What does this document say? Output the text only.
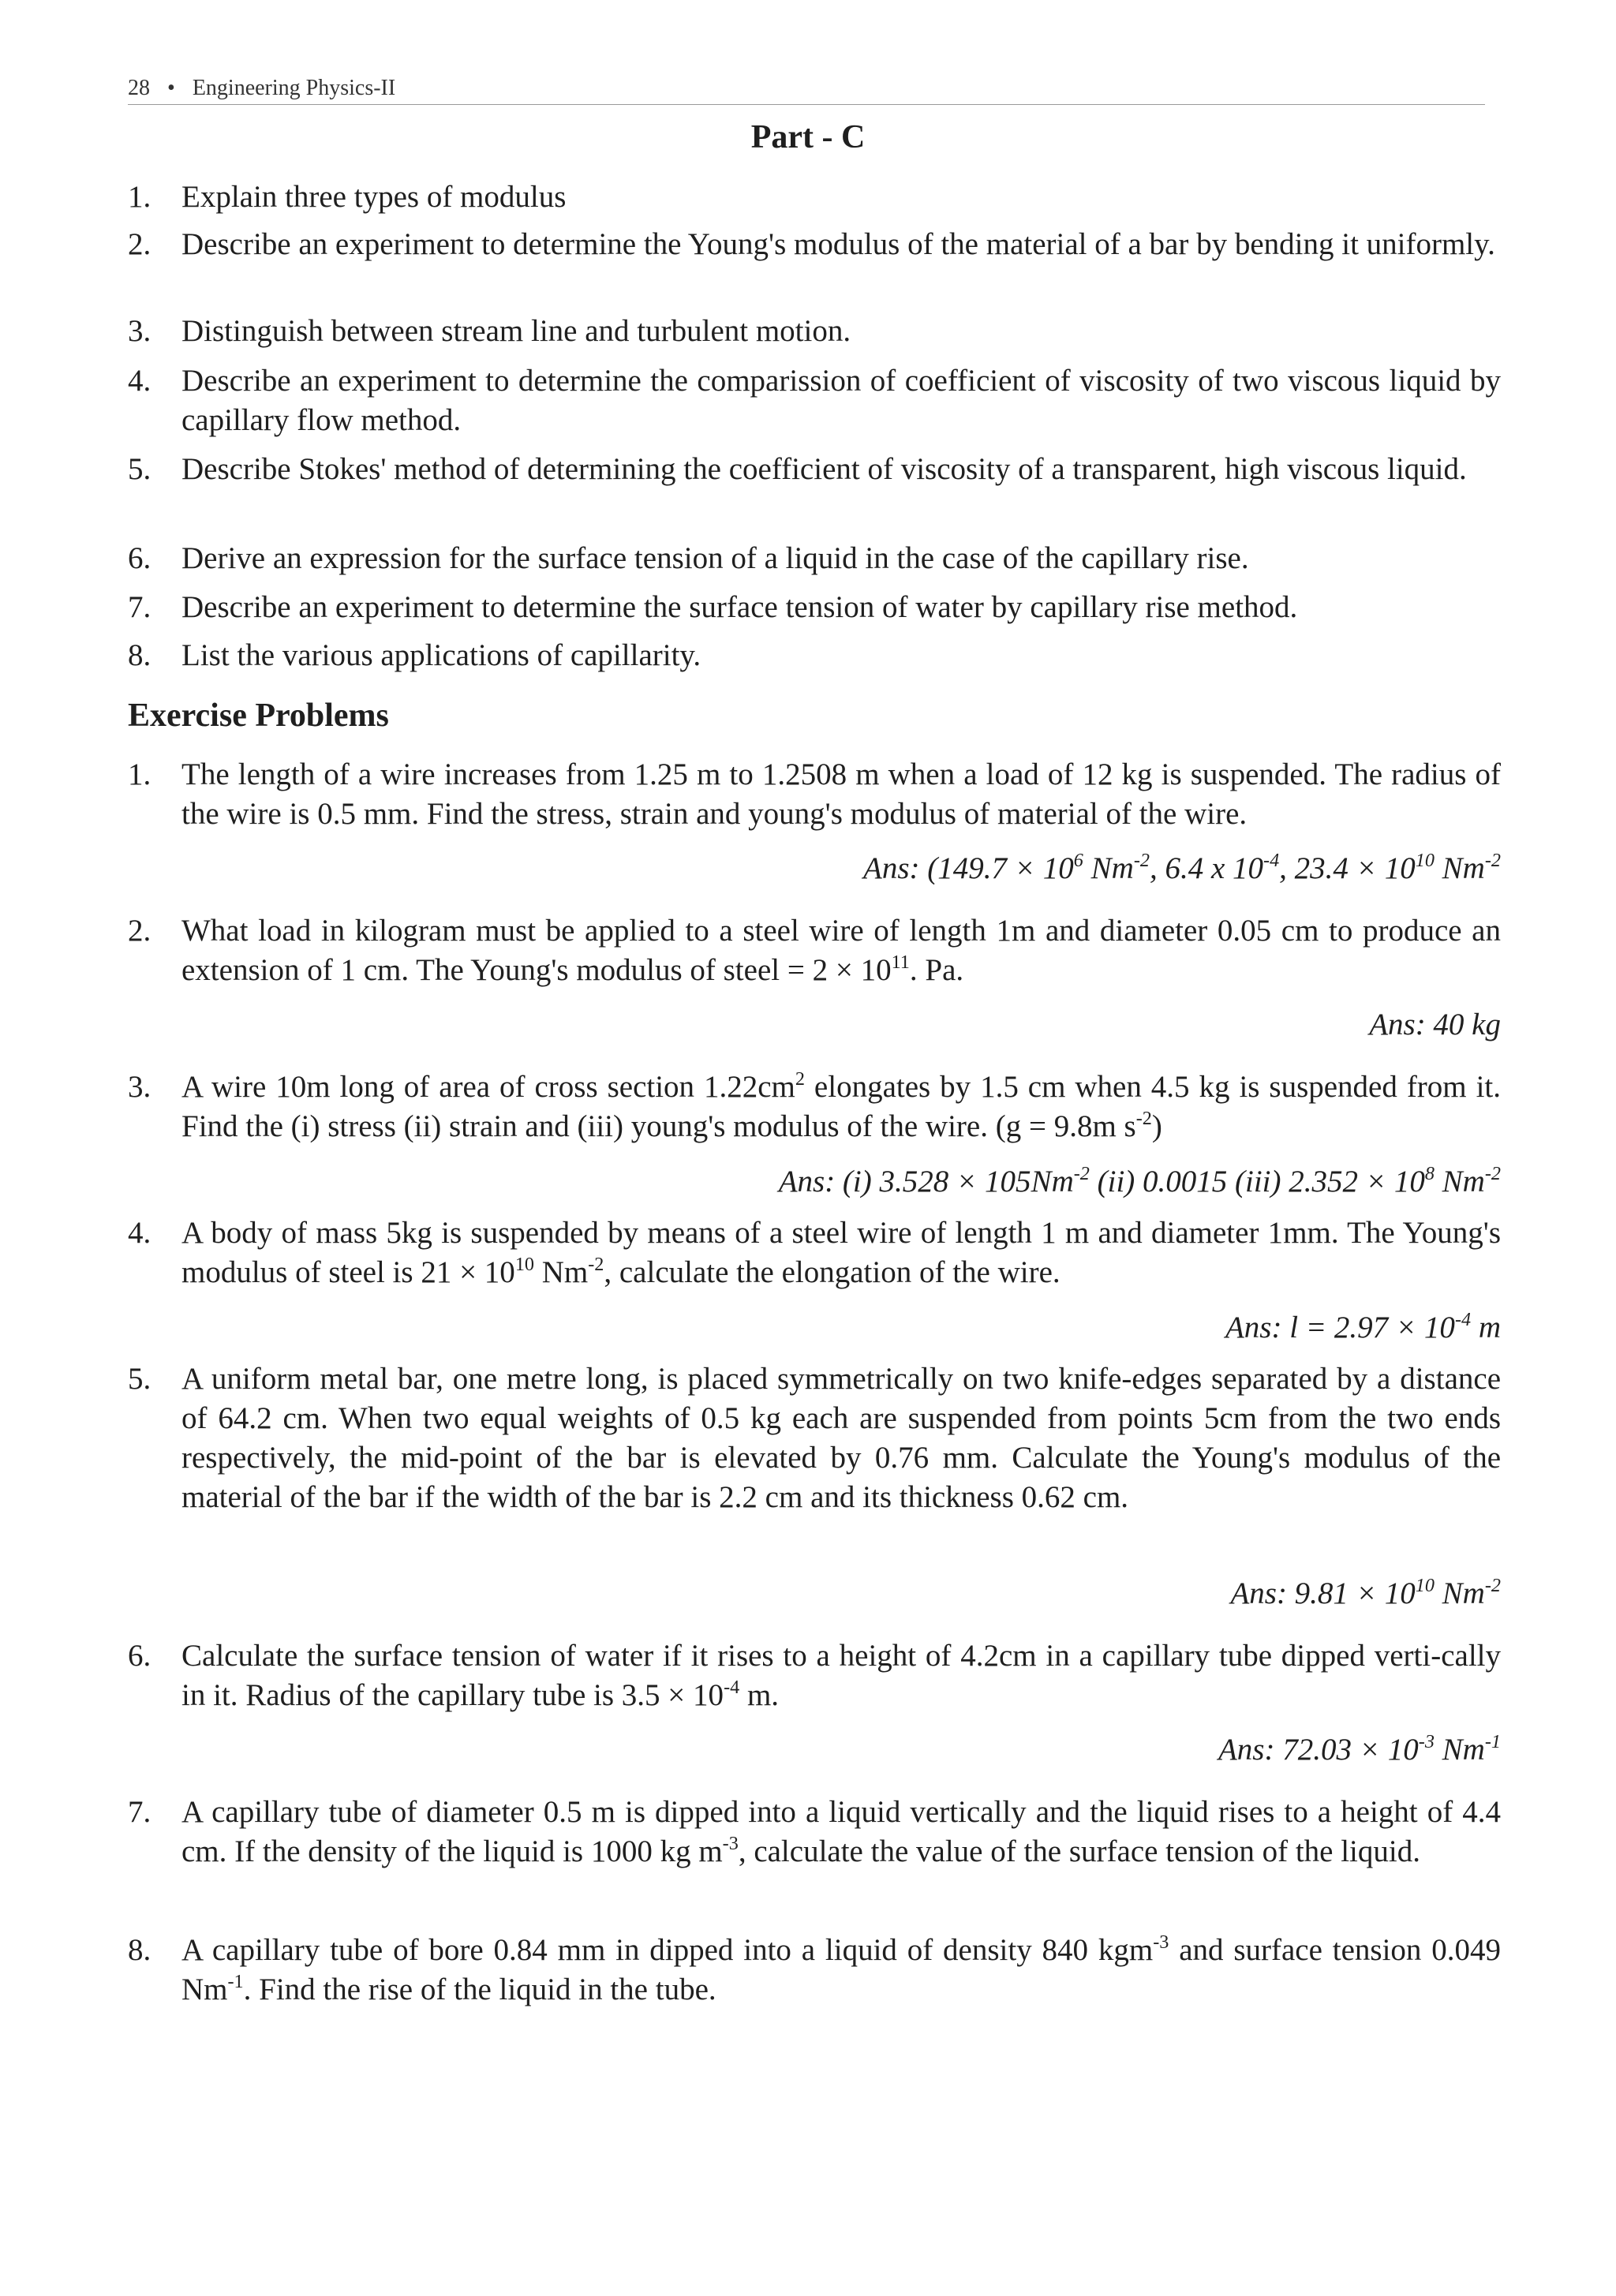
28 • Engineering Physics-II
Part - C
1. Explain three types of modulus
2. Describe an experiment to determine the Young's modulus of the material of a bar by bending it uniformly.
3. Distinguish between stream line and turbulent motion.
4. Describe an experiment to determine the comparission of coefficient of viscosity of two viscous liquid by capillary flow method.
5. Describe Stokes' method of determining the coefficient of viscosity of a transparent, high viscous liquid.
6. Derive an expression for the surface tension of a liquid in the case of the capillary rise.
7. Describe an experiment to determine the surface tension of water by capillary rise method.
8. List the various applications of capillarity.
Exercise Problems
1. The length of a wire increases from 1.25 m to 1.2508 m when a load of 12 kg is suspended. The radius of the wire is 0.5 mm. Find the stress, strain and young's modulus of material of the wire.
Ans: ($149.7 \times 10^6$ $Nm^{-2}$, 6.4 x $10^{-4}$, $23.4 \times 10^{10}$ $Nm^{-2}$
2. What load in kilogram must be applied to a steel wire of length 1m and diameter 0.05 cm to produce an extension of 1 cm. The Young's modulus of steel = $2 \times 10^{11}$. Pa.
Ans: 40 kg
3. A wire 10m long of area of cross section $1.22cm^2$ elongates by 1.5 cm when 4.5 kg is suspended from it. Find the (i) stress (ii) strain and (iii) young's modulus of the wire. (g = 9.8m $s^{-2}$)
Ans: (i) $3.528 \times 105Nm^{-2}$ (ii) 0.0015 (iii) $2.352 \times 10^8$ $Nm^{-2}$
4. A body of mass 5kg is suspended by means of a steel wire of length 1 m and diameter 1mm. The Young's modulus of steel is $21 \times 10^{10}$ $Nm^{-2}$, calculate the elongation of the wire.
Ans: $l = 2.97 \times 10^{-4}$ m
5. A uniform metal bar, one metre long, is placed symmetrically on two knife-edges separated by a distance of 64.2 cm. When two equal weights of 0.5 kg each are suspended from points 5cm from the two ends respectively, the mid-point of the bar is elevated by 0.76 mm. Calculate the Young's modulus of the material of the bar if the width of the bar is 2.2 cm and its thickness 0.62 cm.
Ans: $9.81 \times 10^{10}$ $Nm^{-2}$
6. Calculate the surface tension of water if it rises to a height of 4.2cm in a capillary tube dipped verti-cally in it. Radius of the capillary tube is $3.5 \times 10^{-4}$ m.
Ans: $72.03 \times 10^{-3}$ $Nm^{-1}$
7. A capillary tube of diameter 0.5 m is dipped into a liquid vertically and the liquid rises to a height of 4.4 cm. If the density of the liquid is 1000 kg $m^{-3}$, calculate the value of the surface tension of the liquid.
8. A capillary tube of bore 0.84 mm in dipped into a liquid of density 840 kgm$^{-3}$ and surface tension 0.049 $Nm^{-1}$. Find the rise of the liquid in the tube.
